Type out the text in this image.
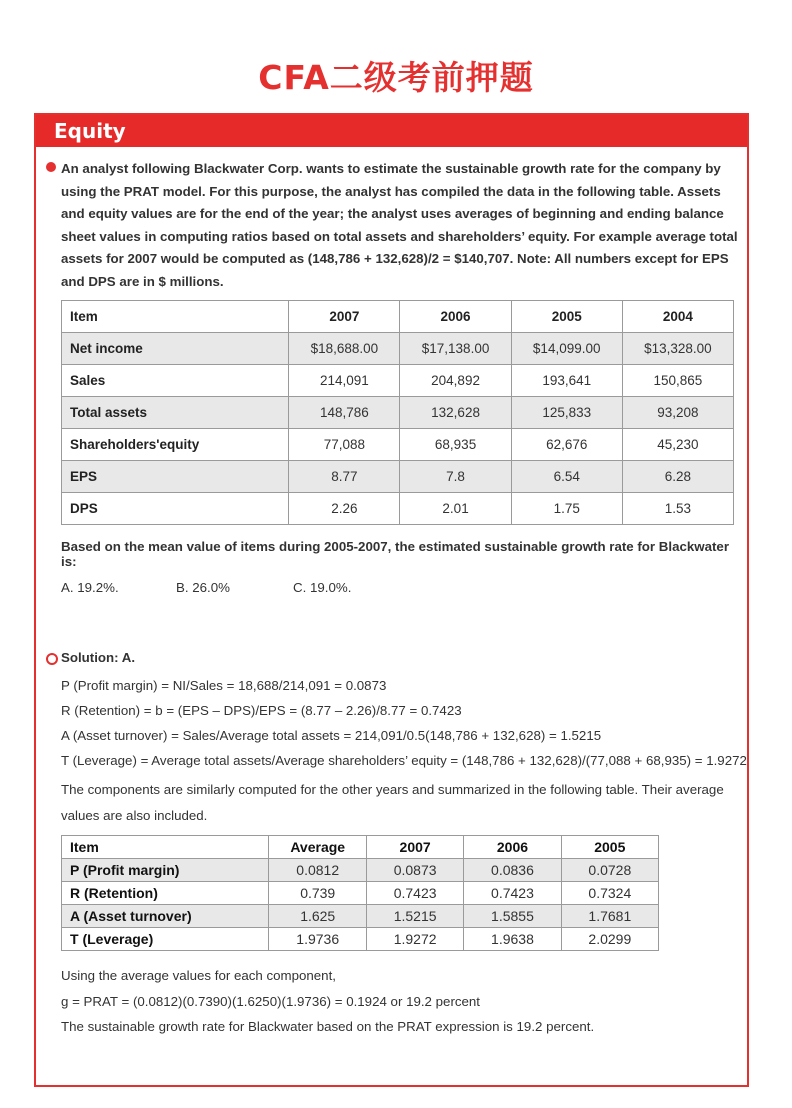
CFA二级考前押题
Equity
An analyst following Blackwater Corp. wants to estimate the sustainable growth rate for the company by using the PRAT model. For this purpose, the analyst has compiled the data in the following table. Assets and equity values are for the end of the year; the analyst uses averages of beginning and ending balance sheet values in computing ratios based on total assets and shareholders’ equity. For example average total assets for 2007 would be computed as (148,786 + 132,628)/2 = $140,707. Note: All numbers except for EPS and DPS are in $ millions.
Item	2007	2006	2005	2004
Net income	$18,688.00	$17,138.00	$14,099.00	$13,328.00
Sales	214,091	204,892	193,641	150,865
Total assets	148,786	132,628	125,833	93,208
Shareholders'equity	77,088	68,935	62,676	45,230
EPS	8.77	7.8	6.54	6.28
DPS	2.26	2.01	1.75	1.53
Based on the mean value of items during 2005-2007, the estimated sustainable growth rate for Blackwater is:
A. 19.2%.	B. 26.0%	C. 19.0%.
Solution: A.
P (Profit margin) = NI/Sales = 18,688/214,091 = 0.0873
R (Retention) = b = (EPS – DPS)/EPS = (8.77 – 2.26)/8.77 = 0.7423
A (Asset turnover) = Sales/Average total assets = 214,091/0.5(148,786 + 132,628) = 1.5215
T (Leverage) = Average total assets/Average shareholders’ equity = (148,786 + 132,628)/(77,088 + 68,935) = 1.9272
The components are similarly computed for the other years and summarized in the following table. Their average values are also included.
Item	Average	2007	2006	2005
P (Profit margin)	0.0812	0.0873	0.0836	0.0728
R (Retention)	0.739	0.7423	0.7423	0.7324
A (Asset turnover)	1.625	1.5215	1.5855	1.7681
T (Leverage)	1.9736	1.9272	1.9638	2.0299
Using the average values for each component,
g = PRAT = (0.0812)(0.7390)(1.6250)(1.9736) = 0.1924 or 19.2 percent
The sustainable growth rate for Blackwater based on the PRAT expression is 19.2 percent.
